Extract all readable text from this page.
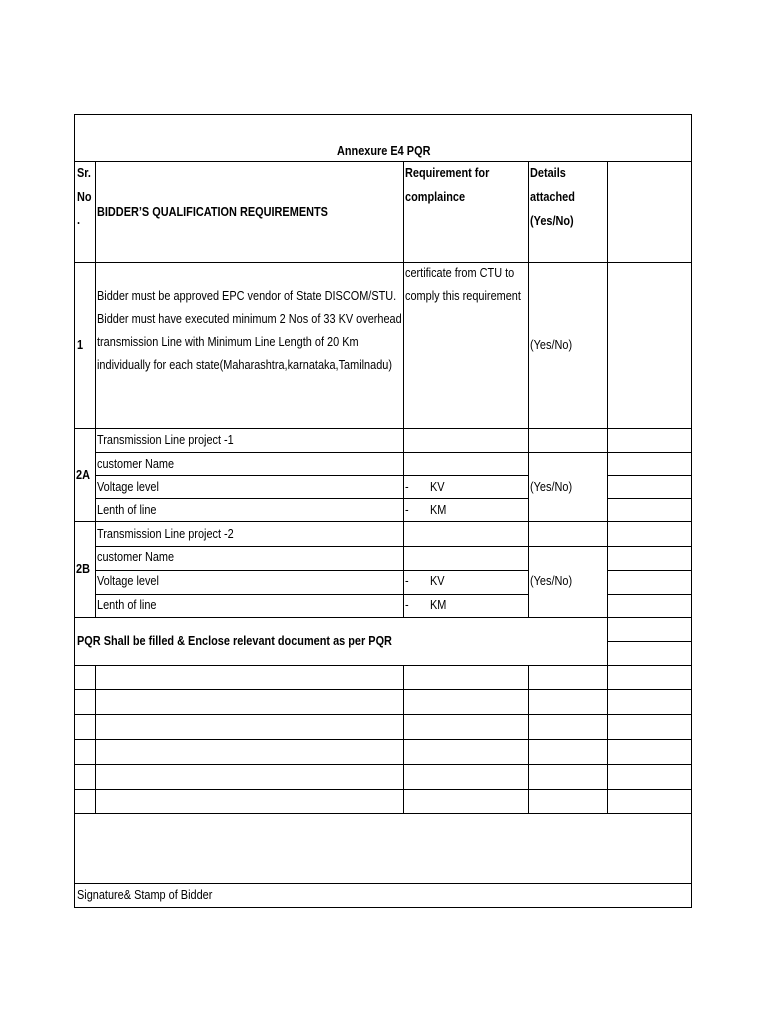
Annexure E4 PQR
Sr.
No
.
BIDDER’S QUALIFICATION REQUIREMENTS
Requirement for
complaince
Details
attached
(Yes/No)
1
Bidder must be approved EPC vendor of State DISCOM/STU.
Bidder must have executed minimum 2 Nos of 33 KV overhead
transmission Line with Minimum Line Length of 20 Km
individually for each state(Maharashtra,karnataka,Tamilnadu)
certificate from CTU to
comply this requirement
(Yes/No)
2A
Transmission Line project -1
customer Name
Voltage level
Lenth of line
- KV
- KM
(Yes/No)
2B
Transmission Line project -2
customer Name
Voltage level
Lenth of line
- KV
- KM
(Yes/No)
PQR Shall be filled & Enclose relevant document as per PQR
Signature& Stamp of Bidder
